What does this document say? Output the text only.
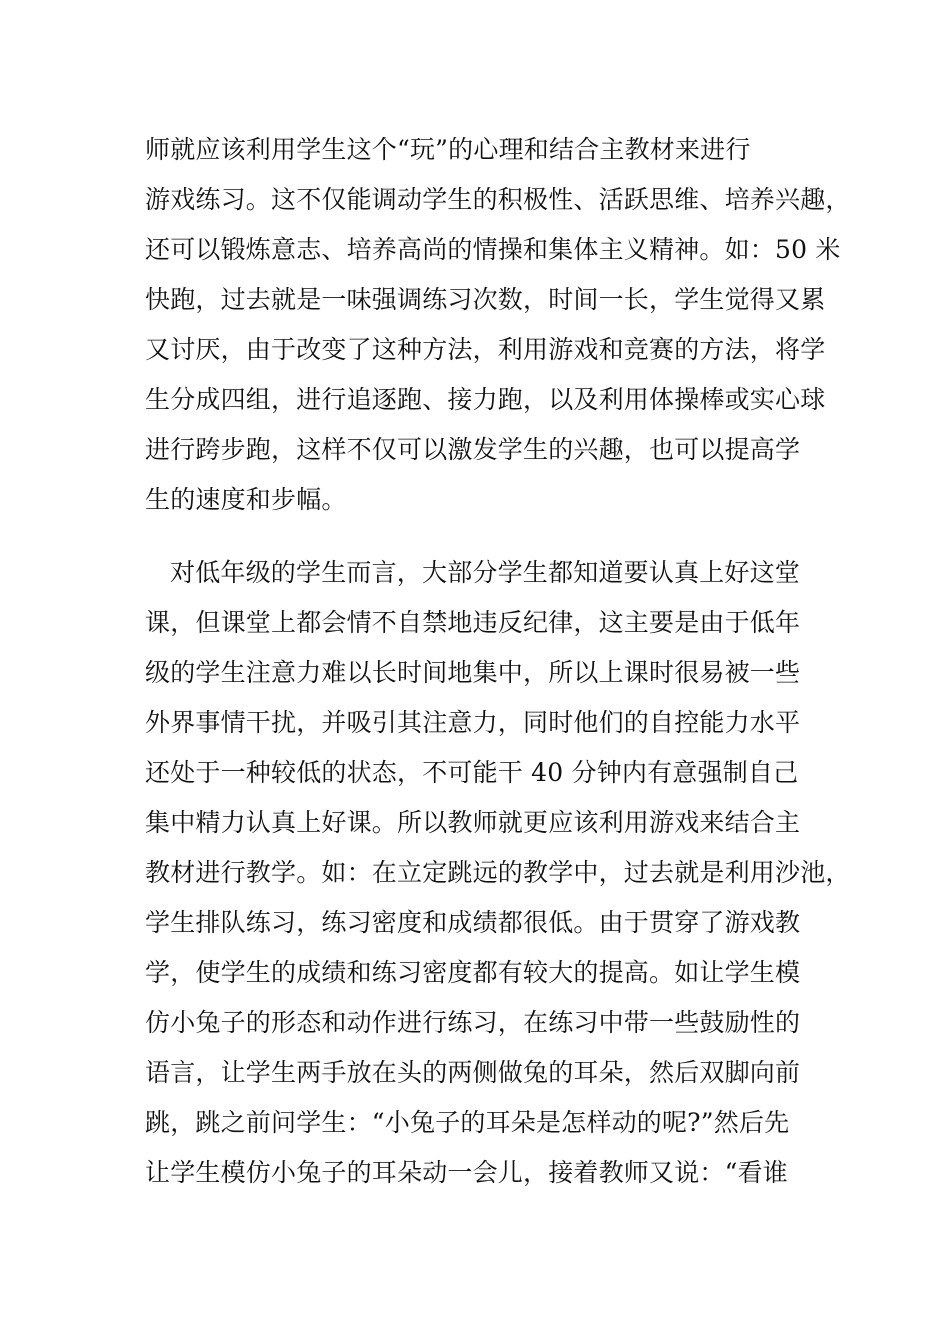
师就应该利用学生这个“玩”的心理和结合主教材来进行
游戏练习。这不仅能调动学生的积极性、活跃思维、培养兴趣，
还可以锻炼意志、培养高尚的情操和集体主义精神。如：50 米
快跑，过去就是一味强调练习次数，时间一长，学生觉得又累
又讨厌，由于改变了这种方法，利用游戏和竞赛的方法，将学
生分成四组，进行追逐跑、接力跑，以及利用体操棒或实心球
进行跨步跑，这样不仅可以激发学生的兴趣，也可以提高学
生的速度和步幅。
对低年级的学生而言，大部分学生都知道要认真上好这堂
课，但课堂上都会情不自禁地违反纪律，这主要是由于低年
级的学生注意力难以长时间地集中，所以上课时很易被一些
外界事情干扰，并吸引其注意力，同时他们的自控能力水平
还处于一种较低的状态，不可能干 40 分钟内有意强制自己
集中精力认真上好课。所以教师就更应该利用游戏来结合主
教材进行教学。如：在立定跳远的教学中，过去就是利用沙池，
学生排队练习，练习密度和成绩都很低。由于贯穿了游戏教
学，使学生的成绩和练习密度都有较大的提高。如让学生模
仿小兔子的形态和动作进行练习，在练习中带一些鼓励性的
语言，让学生两手放在头的两侧做兔的耳朵，然后双脚向前
跳，跳之前问学生：“小兔子的耳朵是怎样动的呢?”然后先
让学生模仿小兔子的耳朵动一会儿，接着教师又说：“看谁
